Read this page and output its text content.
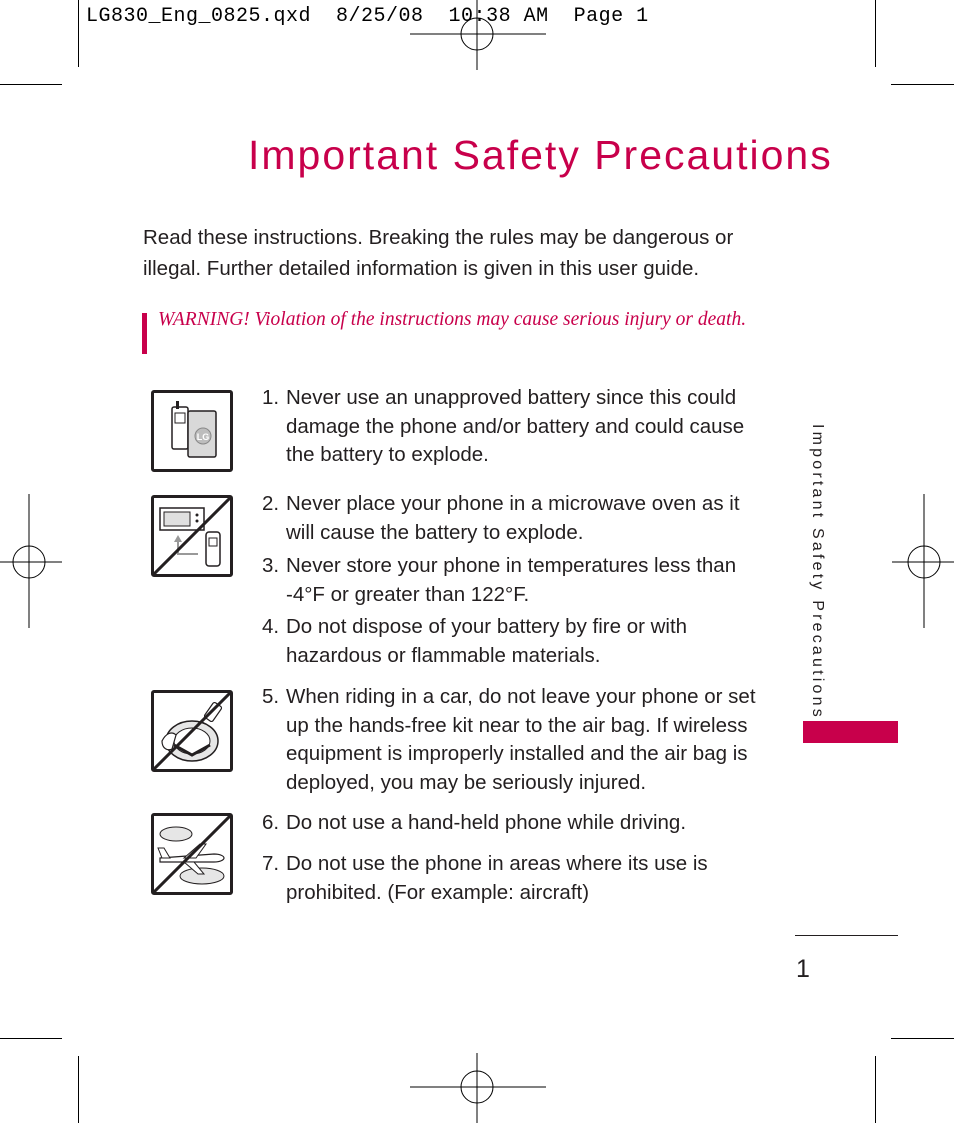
LG830_Eng_0825.qxd  8/25/08  10:38 AM  Page 1
Important Safety Precautions
Read these instructions. Breaking the rules may be dangerous or illegal. Further detailed information is given in this user guide.
WARNING! Violation of the instructions may cause serious injury or death.
LG
1. Never use an unapproved battery since this could damage the phone and/or battery and could cause the battery to explode.
2. Never place your phone in a microwave oven as it will cause the battery to explode.
3. Never store your phone in temperatures less than -4°F or greater than 122°F.
4. Do not dispose of your battery by fire or with hazardous or flammable materials.
5. When riding in a car, do not leave your phone or set up the hands-free kit near to the air bag. If wireless equipment is improperly installed and the air bag is deployed, you may be seriously injured.
6. Do not use a hand-held phone while driving.
7. Do not use the phone in areas where its use is prohibited. (For example: aircraft)
Important Safety Precautions
1
